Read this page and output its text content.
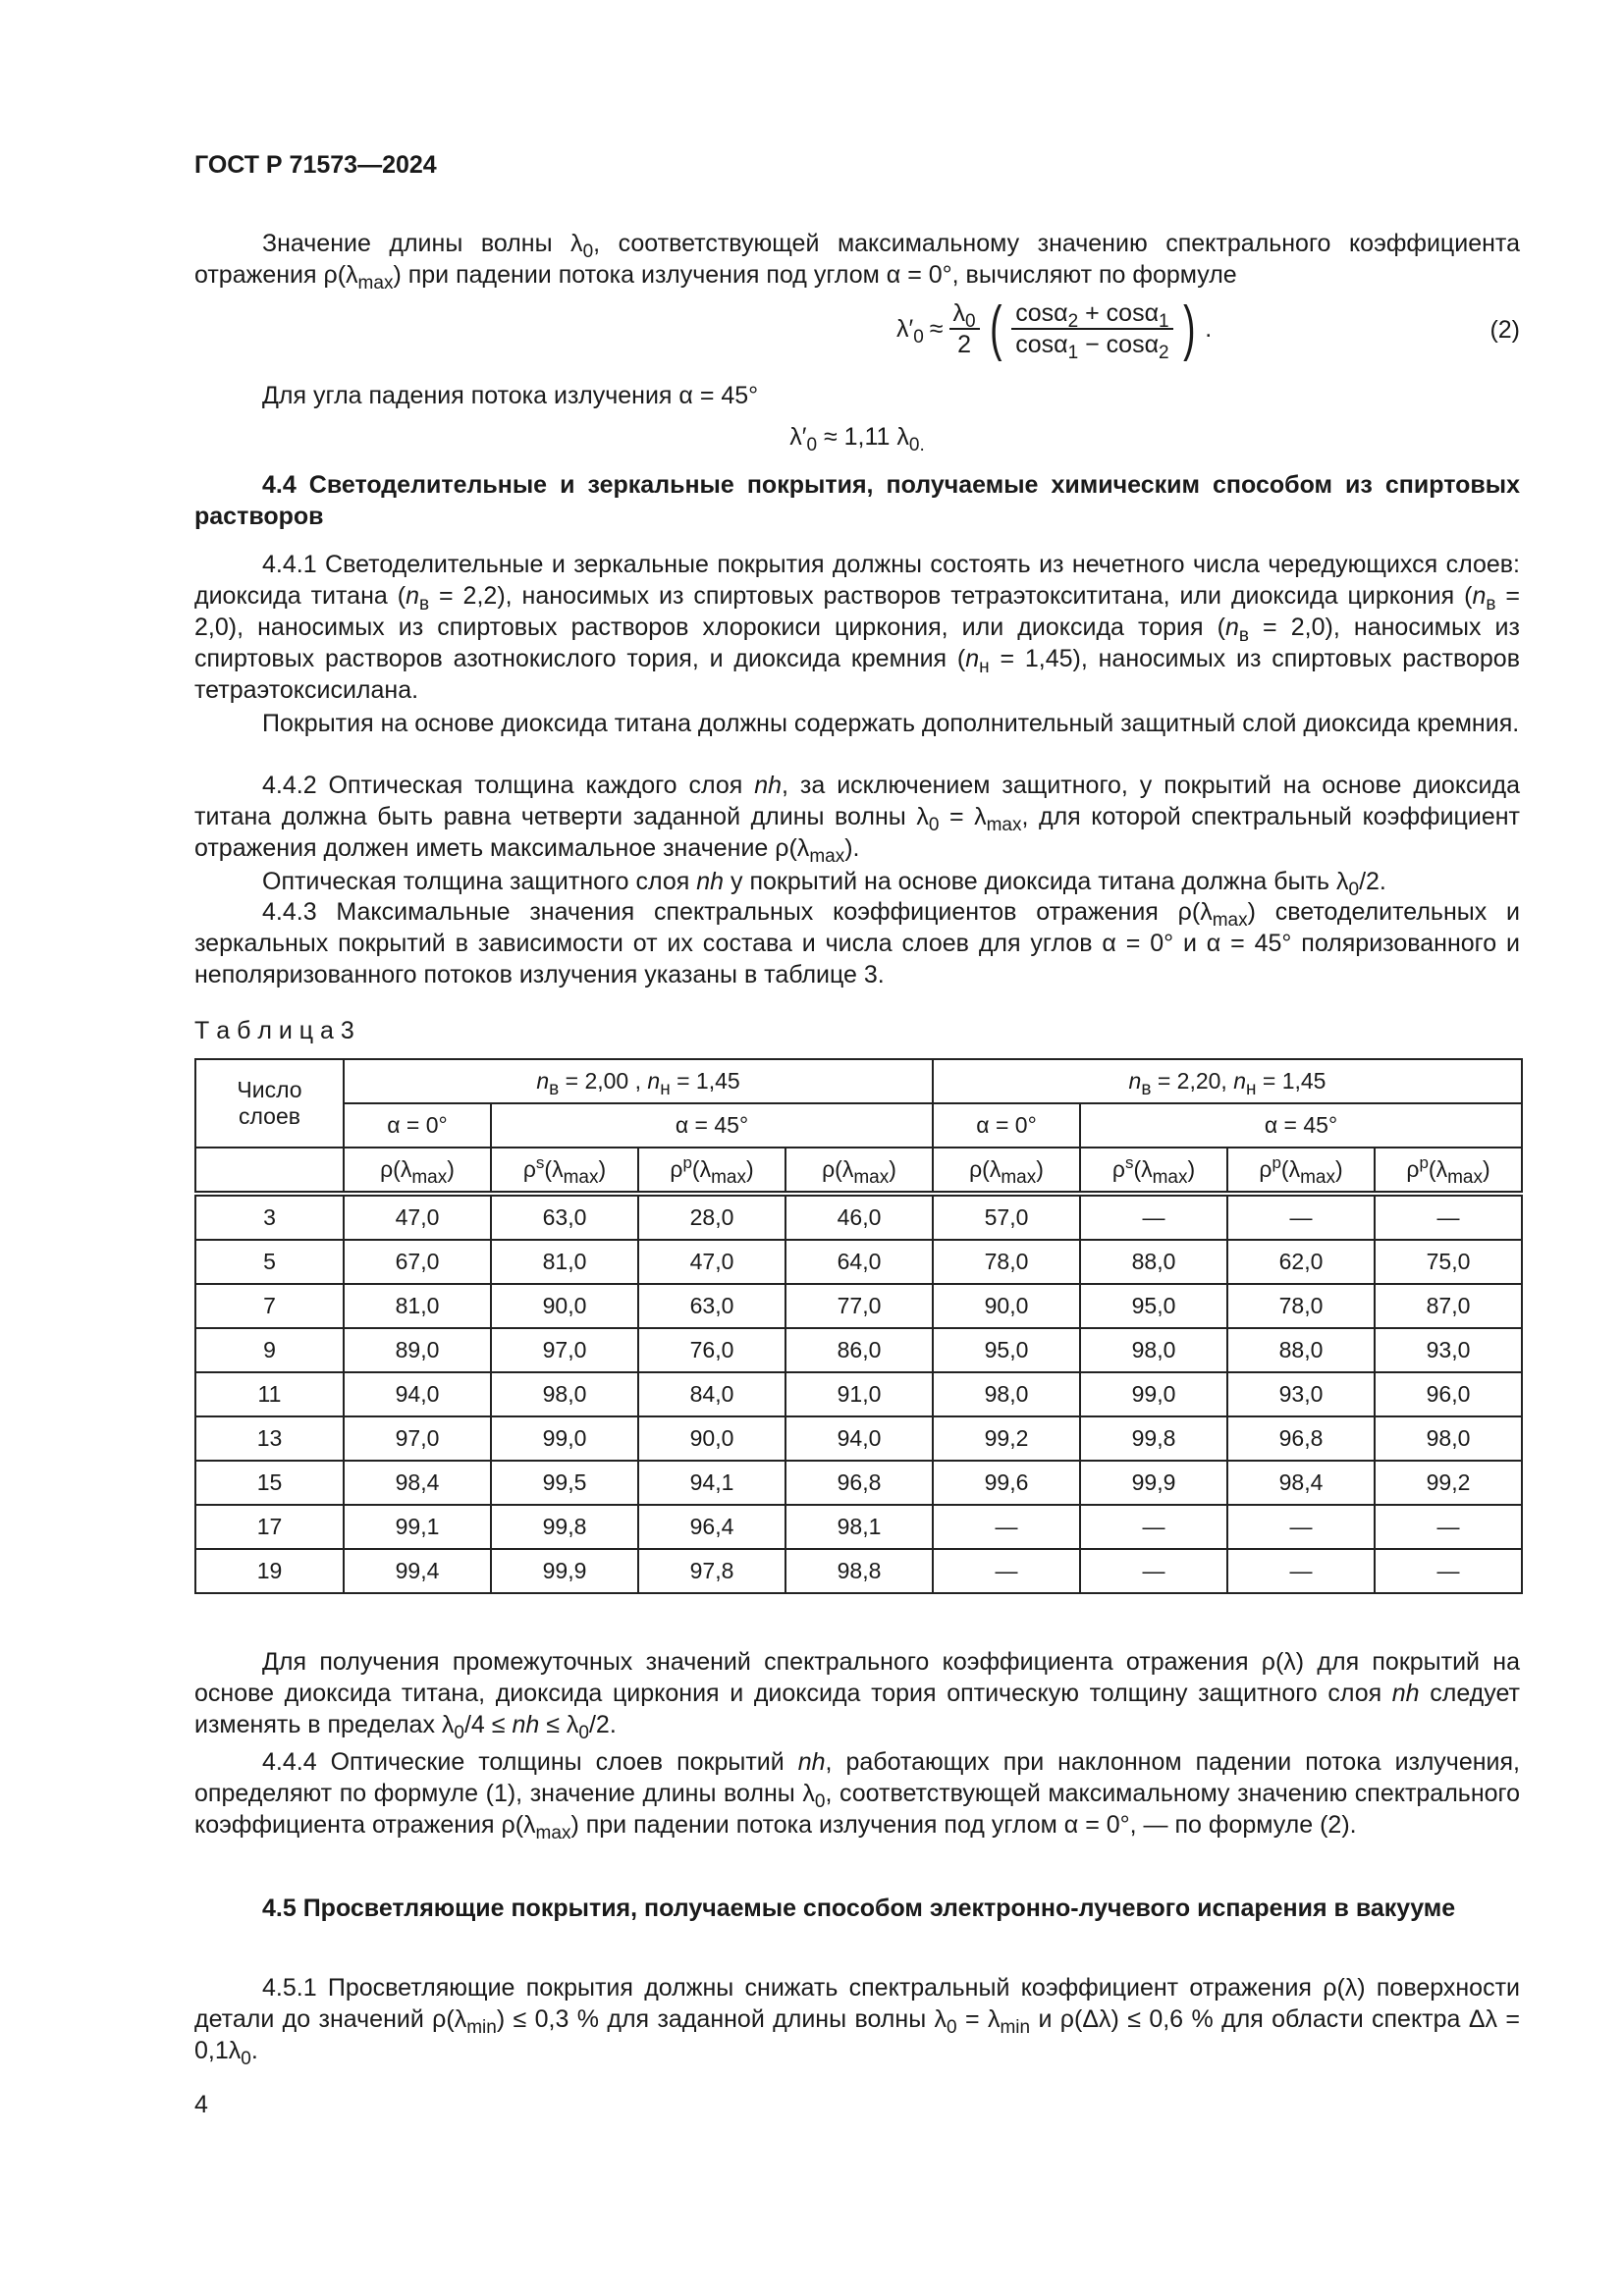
ГОСТ Р 71573—2024
Значение длины волны $\lambda_0$, соответствующей максимальному значению спектрального коэффициента отражения $\rho(\lambda_{max})$ при падении потока излучения под углом α = 0°, вычисляют по формуле
Для угла падения потока излучения α = 45°
$\lambda'_0 \approx 1,11$ $\lambda_{0.}$
4.4 Светоделительные и зеркальные покрытия, получаемые химическим способом из спиртовых растворов
4.4.1 Светоделительные и зеркальные покрытия должны состоять из нечетного числа чередующихся слоев: диоксида титана $(n_в = 2,2)$, наносимых из спиртовых растворов тетраэтокcититана, или диоксида циркония $(n_в = 2,0)$, наносимых из спиртовых растворов хлорокиси циркония, или диоксида тория $(n_в = 2,0)$, наносимых из спиртовых растворов азотнокислого тория, и диоксида кремния $(n_н = 1,45)$, наносимых из спиртовых растворов тетраэтоксисилана.
Покрытия на основе диоксида титана должны содержать дополнительный защитный слой диоксида кремния.
4.4.2 Оптическая толщина каждого слоя nh, за исключением защитного, у покрытий на основе диоксида титана должна быть равна четверти заданной длины волны $\lambda_0 = \lambda_{max}$, для которой спектральный коэффициент отражения должен иметь максимальное значение $\rho(\lambda_{max})$.
Оптическая толщина защитного слоя nh у покрытий на основе диоксида титана должна быть $\lambda_0/2$.
4.4.3 Максимальные значения спектральных коэффициентов отражения $\rho(\lambda_{max})$ светоделительных и зеркальных покрытий в зависимости от их состава и числа слоев для углов α = 0° и α = 45° поляризованного и неполяризованного потоков излучения указаны в таблице 3.
Т а б л и ц а 3
Для получения промежуточных значений спектрального коэффициента отражения ρ(λ) для покрытий на основе диоксида титана, диоксида циркония и диоксида тория оптическую толщину защитного слоя nh следует изменять в пределах $\lambda_0/4$ ≤ nh ≤ $\lambda_0/2$.
4.4.4 Оптические толщины слоев покрытий nh, работающих при наклонном падении потока излучения, определяют по формуле (1), значение длины волны $\lambda_0$, соответствующей максимальному значению спектрального коэффициента отражения $\rho(\lambda_{max})$ при падении потока излучения под углом α = 0°, — по формуле (2).
4.5 Просветляющие покрытия, получаемые способом электронно-лучевого испарения в вакууме
4.5.1 Просветляющие покрытия должны снижать спектральный коэффициент отражения ρ(λ) поверхности детали до значений $\rho(\lambda_{min}) \le 0,3$ % для заданной длины волны $\lambda_0 = \lambda_{min}$ и ρ(Δλ) ≤ 0,6 % для области спектра $\Delta\lambda = 0,1\lambda_0$.
$\lambda'_0 \approx \frac{\lambda_0}{2}$ ( $\frac{\cos\alpha_2 + \cos\alpha_1}{\cos\alpha_1 - \cos\alpha_2}$ ) .	(2)
Число слоев	$n_в = 2,00$ , $n_н = 1,45$				$n_в = 2,20$, $n_н = 1,45$			
	α = 0°	α = 45°			α = 0°	α = 45°		
	$\rho(\lambda_{max})$	$\rho^s(\lambda_{max})$	$\rho^p(\lambda_{max})$	$\rho(\lambda_{max})$	$\rho(\lambda_{max})$	$\rho^s(\lambda_{max})$	$\rho^p(\lambda_{max})$	$\rho^p(\lambda_{max})$
3	47,0	63,0	28,0	46,0	57,0	—	—	—
5	67,0	81,0	47,0	64,0	78,0	88,0	62,0	75,0
7	81,0	90,0	63,0	77,0	90,0	95,0	78,0	87,0
9	89,0	97,0	76,0	86,0	95,0	98,0	88,0	93,0
11	94,0	98,0	84,0	91,0	98,0	99,0	93,0	96,0
13	97,0	99,0	90,0	94,0	99,2	99,8	96,8	98,0
15	98,4	99,5	94,1	96,8	99,6	99,9	98,4	99,2
17	99,1	99,8	96,4	98,1	—	—	—	—
19	99,4	99,9	97,8	98,8	—	—	—	—
4
